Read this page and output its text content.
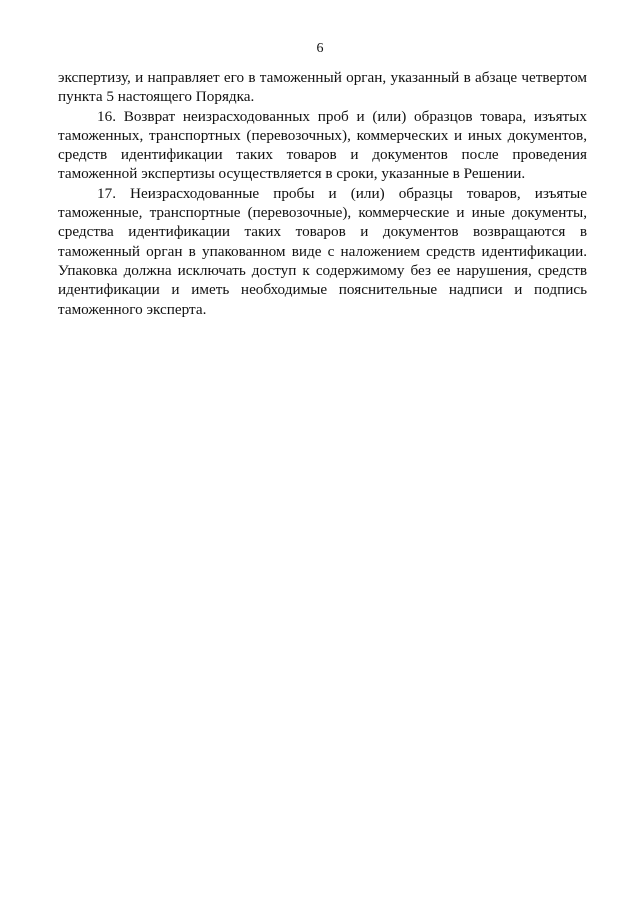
6

экспертизу, и направляет его в таможенный орган, указанный в абзаце четвертом пункта 5 настоящего Порядка.

16. Возврат неизрасходованных проб и (или) образцов товара, изъятых таможенных, транспортных (перевозочных), коммерческих и иных документов, средств идентификации таких товаров и документов после проведения таможенной экспертизы осуществляется в сроки, указанные в Решении.

17. Неизрасходованные пробы и (или) образцы товаров, изъятые таможенные, транспортные (перевозочные), коммерческие и иные документы, средства идентификации таких товаров и документов возвращаются в таможенный орган в упакованном виде с наложением средств идентификации. Упаковка должна исключать доступ к содержимому без ее нарушения, средств идентификации и иметь необходимые пояснительные надписи и подпись таможенного эксперта.
